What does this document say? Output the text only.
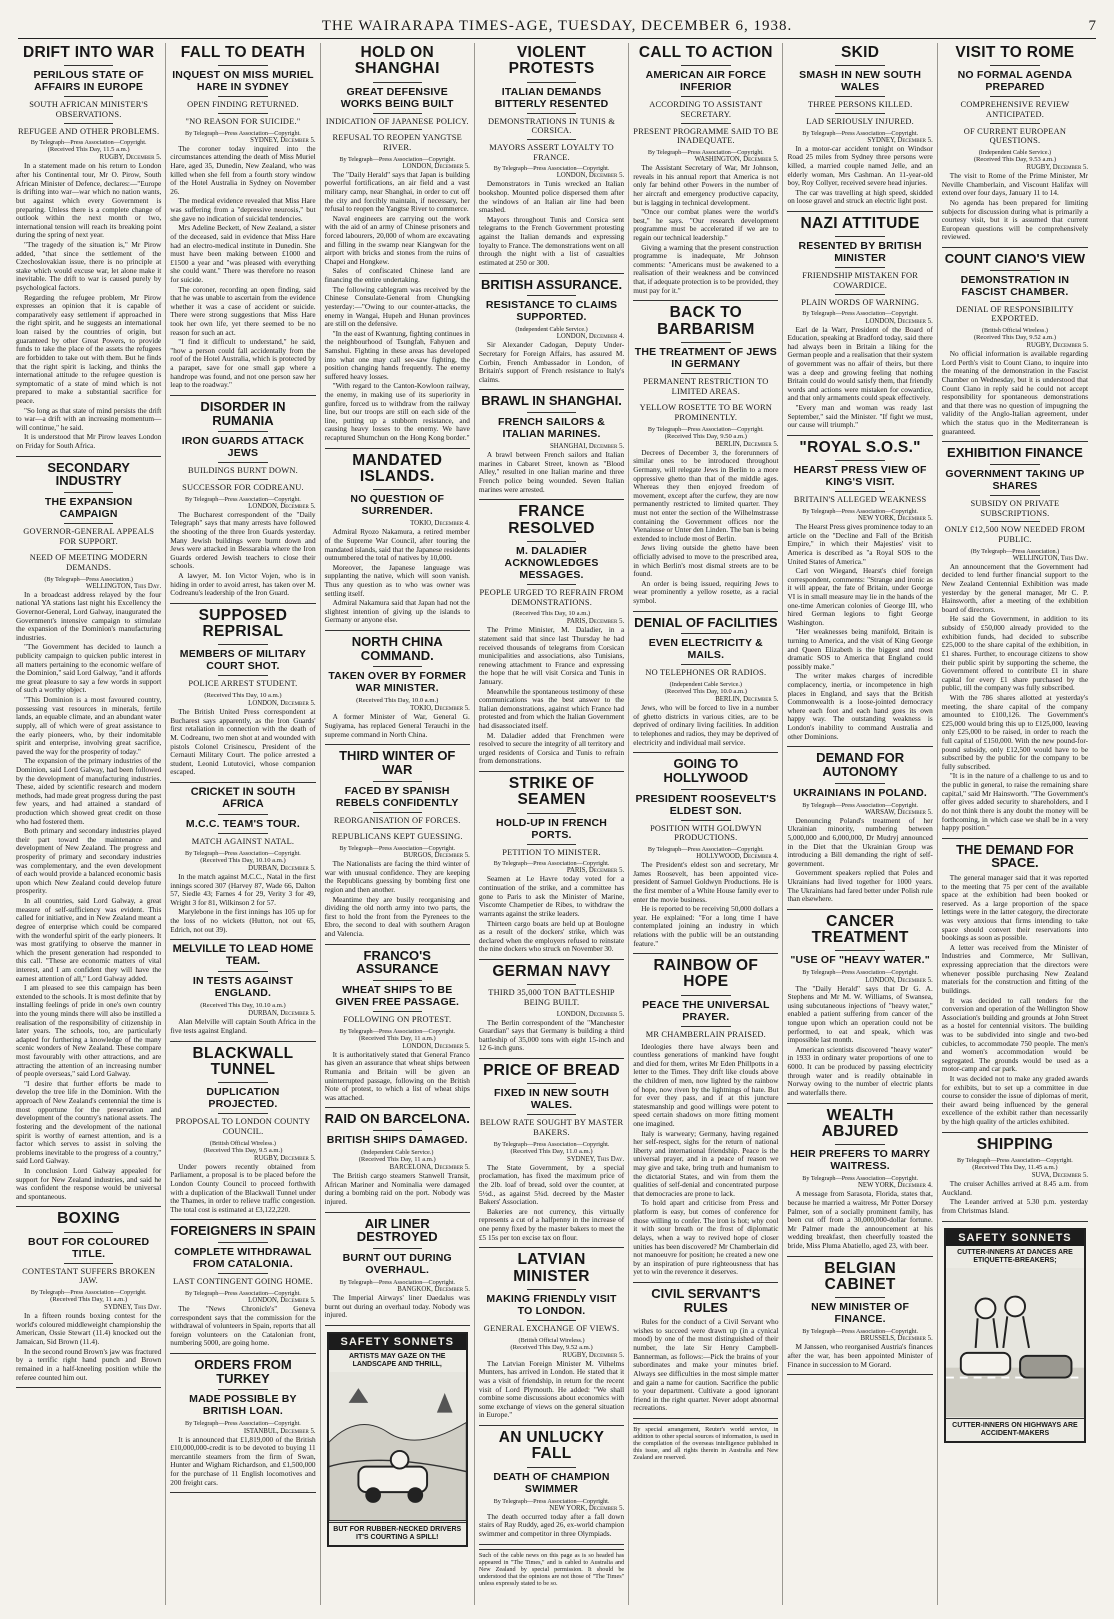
THE WAIRARAPA TIMES-AGE, TUESDAY, DECEMBER 6, 1938.	7
DRIFT INTO WAR
PERILOUS STATE OF AFFAIRS IN EUROPE
SOUTH AFRICAN MINISTER'S OBSERVATIONS.
REFUGEE AND OTHER PROBLEMS.
By Telegraph—Press Association—Copyright.
(Received This Day, 11.5 a.m.)
RUGBY, December 5.

In a statement made on his return to London after his Continental tour, Mr O. Pirow, South African Minister of Defence, declares:—"Europe is drifting into war—war which no nation wants, but against which every Government is preparing. Unless there is a complete change of outlook within the next month or two, international tension will reach its breaking point during the spring of next year.

"The tragedy of the situation is," Mr Pirow added, "that since the settlement of the Czechoslovakian issue, there is no principle at stake which would excuse war, let alone make it inevitable. The drift to war is caused purely by psychological factors.

Regarding the refugee problem, Mr Pirow expresses an opinion that it is capable of comparatively easy settlement if approached in the right spirit, and he suggests an international loan raised by the countries of origin, but guaranteed by other Great Powers, to provide funds to take the place of the assets the refugees are forbidden to take out with them. But he finds that the right spirit is lacking, and thinks the international attitude to the refugee question is symptomatic of a state of mind which is not prepared to make a substantial sacrifice for peace.

"So long as that state of mind persists the drift to war—a drift with an increasing momentum—will continue," he said.

It is understood that Mr Pirow leaves London on Friday for South Africa.

SECONDARY INDUSTRY
THE EXPANSION CAMPAIGN
GOVERNOR-GENERAL APPEALS FOR SUPPORT.
NEED OF MEETING MODERN DEMANDS.
(By Telegraph—Press Association.)
WELLINGTON, This Day.

In a broadcast address relayed by the four national YA stations last night his Excellency the Governor-General, Lord Galway, inaugurated the Government's intensive campaign to stimulate the expansion of the Dominion's manufacturing industries.

"The Government has decided to launch a publicity campaign to quicken public interest in all matters pertaining to the economic welfare of the Dominion," said Lord Galway, "and it affords me great pleasure to say a few words in support of such a worthy object.

"This Dominion is a most favoured country, possessing vast resources in minerals, fertile lands, an equable climate, and an abundant water supply, all of which were of great assistance to the early pioneers, who, by their indomitable spirit and enterprise, involving great sacrifice, paved the way for the prosperity of today."

The expansion of the primary industries of the Dominion, said Lord Galway, had been followed by the development of manufacturing industries. These, aided by scientific research and modern methods, had made great progress during the past few years, and had attained a standard of production which showed great credit on those who had fostered them.

Both primary and secondary industries played their part toward the maintenance and development of New Zealand. The progress and prosperity of primary and secondary industries was complementary, and the even development of each would provide a balanced economic basis upon which New Zealand could develop future prosperity.

In all countries, said Lord Galway, a great measure of self-sufficiency was evident. This called for initiative, and in New Zealand meant a degree of enterprise which could be compared with the wonderful spirit of the early pioneers. It was most gratifying to observe the manner in which the present generation had responded to this call. "These are economic matters of vital interest, and I am confident they will have the earnest attention of all," Lord Galway added.

I am pleased to see this campaign has been extended to the schools. It is most definite that by installing feelings of pride in one's own country into the young minds there will also be instilled a realisation of the responsibility of citizenship in later years. The schools, too, are particularly adapted for furthering a knowledge of the many scenic wonders of New Zealand. These compare most favourably with other attractions, and are attracting the attention of an increasing number of people overseas," said Lord Galway.

"I desire that further efforts be made to develop the tree life in the Dominion. With the approach of New Zealand's centennial the time is most opportune for the preservation and development of the country's national assets. The fostering and the development of the national spirit is worthy of earnest attention, and is a factor which serves to assist in solving the problems inevitable to the progress of a country," said Lord Galway.

In conclusion Lord Galway appealed for support for New Zealand industries, and said he was confident the response would be universal and spontaneous.

BOXING
BOUT FOR COLOURED TITLE.
CONTESTANT SUFFERS BROKEN JAW.
By Telegraph—Press Association—Copyright.
(Received This Day, 11 a.m.)
SYDNEY, This Day.

In a fifteen rounds boxing contest for the world's coloured middleweight championship the American, Ossie Stewart (11.4) knocked out the Jamaican, Sid Brown (11.4).

In the second round Brown's jaw was fractured by a terrific right hand punch and Brown remained in a half-kneeling position while the referee counted him out.

FALL TO DEATH
INQUEST ON MISS MURIEL HARE IN SYDNEY
OPEN FINDING RETURNED.
"NO REASON FOR SUICIDE."
By Telegraph—Press Association—Copyright.
SYDNEY, December 5.

The coroner today inquired into the circumstances attending the death of Miss Muriel Hare, aged 35, Dunedin, New Zealand, who was killed when she fell from a fourth story window of the Hotel Australia in Sydney on November 26.

The medical evidence revealed that Miss Hare was suffering from a "depressive neurosis," but she gave no indication of suicidal tendencies.

Mrs Adeline Beckett, of New Zealand, a sister of the deceased, said in evidence that Miss Hare had an electro-medical institute in Dunedin. She must have been making between £1000 and £1500 a year and "was pleased with everything she could want." There was therefore no reason for suicide.

The coroner, recording an open finding, said that he was unable to ascertain from the evidence whether it was a case of accident or suicide. There were strong suggestions that Miss Hare took her own life, yet there seemed to be no reason for such an act.

"I find it difficult to understand," he said, "how a person could fall accidentally from the roof of the Hotel Australia, which is protected by a parapet, save for one small gap where a handrope was found, and not one person saw her leap to the roadway."

DISORDER IN RUMANIA
IRON GUARDS ATTACK JEWS
BUILDINGS BURNT DOWN.
SUCCESSOR FOR CODREANU.
By Telegraph—Press Association—Copyright.
LONDON, December 5.

The Bucharest correspondent of the "Daily Telegraph" says that many arrests have followed the shooting of the three Iron Guards yesterday. Many Jewish buildings were burnt down and Jews were attacked in Bessarabia where the Iron Guards ordered Jewish teachers to close their schools.

A lawyer, M. Ion Victor Vojen, who is in hiding in order to avoid arrest, has taken over M. Codreanu's leadership of the Iron Guard.

SUPPOSED REPRISAL
MEMBERS OF MILITARY COURT SHOT.
POLICE ARREST STUDENT.
(Received This Day, 10 a.m.)
LONDON, December 5.

The British United Press correspondent at Bucharest says apparently, as the Iron Guards' first retaliation in connection with the death of M. Codreanu, two men shot at and wounded with pistols Colonel Crisinescu, President of the Cernauti Military Court. The police arrested a student, Leonid Lututovici, whose companion escaped.

CRICKET IN SOUTH AFRICA
M.C.C. TEAM'S TOUR.
MATCH AGAINST NATAL.
By Telegraph—Press Association—Copyright.
(Received This Day, 10.10 a.m.)
DURBAN, December 5.

In the match against M.C.C., Natal in the first innings scored 307 (Harvey 87, Wade 66, Dalton 57, Siedle 43; Farnes 4 for 29, Verity 3 for 49, Wright 3 for 81, Wilkinson 2 for 57.

Marylebone in the first innings has 105 up for the loss of no wickets (Hutton, not out 65, Edrich, not out 39).

MELVILLE TO LEAD HOME TEAM.
IN TESTS AGAINST ENGLAND.
(Received This Day, 10.10 a.m.)
DURBAN, December 5.

Alan Melville will captain South Africa in the five tests against England.

BLACKWALL TUNNEL
DUPLICATION PROJECTED.
PROPOSAL TO LONDON COUNTY COUNCIL.
(British Official Wireless.)
(Received This Day, 9.5 a.m.)
RUGBY, December 5.

Under powers recently obtained from Parliament, a proposal is to be placed before the London County Council to proceed forthwith with a duplication of the Blackwall Tunnel under the Thames, in order to relieve traffic congestion. The total cost is estimated at £3,122,220.

FOREIGNERS IN SPAIN
COMPLETE WITHDRAWAL FROM CATALONIA.
LAST CONTINGENT GOING HOME.
By Telegraph—Press Association—Copyright.
LONDON, December 5.

The "News Chronicle's" Geneva correspondent says that the commission for the withdrawal of volunteers in Spain, reports that all foreign volunteers on the Catalonian front, numbering 5000, are going home.

ORDERS FROM TURKEY
MADE POSSIBLE BY BRITISH LOAN.
By Telegraph—Press Association—Copyright.
ISTANBUL, December 5.

It is announced that £1,819,000 of the British £10,000,000-credit is to be devoted to buying 11 mercantile steamers from the firm of Swan, Hunter and Wigham Richardson, and £1,500,000 for the purchase of 11 English locomotives and 200 freight cars.

HOLD ON SHANGHAI
GREAT DEFENSIVE WORKS BEING BUILT
INDICATION OF JAPANESE POLICY.
REFUSAL TO REOPEN YANGTSE RIVER.
By Telegraph—Press Association—Copyright.
LONDON, December 5.

The "Daily Herald" says that Japan is building powerful fortifications, an air field and a vast military camp, near Shanghai, in order to cut off the city and forcibly maintain, if necessary, her refusal to reopen the Yangtse River to commerce.

Naval engineers are carrying out the work with the aid of an army of Chinese prisoners and forced labourers, 20,000 of whom are excavating and filling in the swamp near Kiangwan for the airport with bricks and stones from the ruins of Chapei and Hongkew.

Sales of confiscated Chinese land are financing the entire undertaking.

The following cablegram was received by the Chinese Consulate-General from Chungking yesterday:—"Owing to our counter-attacks, the enemy in Wangai, Hupeh and Hunan provinces are still on the defensive.

"In the east of Kwantung, fighting continues in the neighbourhood of Tsungfah, Fahyuen and Samshui. Fighting in these areas has developed into what one may call see-saw fighting, the position changing hands frequently. The enemy suffered heavy losses.

"With regard to the Canton-Kowloon railway, the enemy, in making use of its superiority in gunfire, forced us to withdraw from the railway line, but our troops are still on each side of the line, putting up a stubborn resistance, and causing heavy losses to the enemy. We have recaptured Shumchun on the Hong Kong border."

MANDATED ISLANDS.
NO QUESTION OF SURRENDER.
TOKIO, December 4.

Admiral Ryozo Nakamura, a retired member of the Supreme War Council, after touring the mandated islands, said that the Japanese residents outnumbered the total of natives by 10,000.

Moreover, the Japanese language was supplanting the native, which will soon vanish. Thus any question as to who was owner was settling itself.

Admiral Nakamura said that Japan had not the slightest intention of giving up the islands to Germany or anyone else.

NORTH CHINA COMMAND.
TAKEN OVER BY FORMER WAR MINISTER.
(Received This Day, 10.0 a.m.)
TOKIO, December 5.

A former Minister of War, General G. Sugiyama, has replaced General Terauchi in the supreme command in North China.

THIRD WINTER OF WAR
FACED BY SPANISH REBELS CONFIDENTLY
REORGANISATION OF FORCES.
REPUBLICANS KEPT GUESSING.
By Telegraph—Press Association—Copyright.
BURGOS, December 5.

The Nationalists are facing the third winter of war with unusual confidence. They are keeping the Republicans guessing by bombing first one region and then another.

Meantime they are busily reorganising and dividing the old north army into two parts, the first to hold the front from the Pyrenees to the Ebro, the second to deal with southern Aragon and Valencia.

FRANCO'S ASSURANCE
WHEAT SHIPS TO BE GIVEN FREE PASSAGE.
FOLLOWING ON PROTEST.
By Telegraph—Press Association—Copyright.
(Received This Day, 11 a.m.)
LONDON, December 5.

It is authoritatively stated that General Franco has given an assurance that wheat ships between Rumania and Britain will be given an uninterrupted passage, following on the British Note of protest, to which a list of wheat ships was attached.

RAID ON BARCELONA.
BRITISH SHIPS DAMAGED.
(Independent Cable Service.)
(Received This Day, 11 a.m.)
BARCELONA, December 5.

The British cargo steamers Stanwell Transit, African Mariner and Nominalia were damaged during a bombing raid on the port. Nobody was injured.

AIR LINER DESTROYED
BURNT OUT DURING OVERHAUL.
By Telegraph—Press Association—Copyright.
BANGKOK, December 5.

The Imperial Airways' liner Daedalus was burnt out during an overhaul today. Nobody was injured.

SAFETY SONNETS
ARTISTS MAY GAZE ON THE LANDSCAPE AND THRILL,
BUT FOR RUBBER-NECKED DRIVERS IT'S COURTING A SPILL!
VIOLENT PROTESTS
ITALIAN DEMANDS BITTERLY RESENTED
DEMONSTRATIONS IN TUNIS & CORSICA.
MAYORS ASSERT LOYALTY TO FRANCE.
By Telegraph—Press Association—Copyright.
LONDON, December 5.

Demonstrators in Tunis wrecked an Italian bookshop. Mounted police dispersed them after the windows of an Italian air line had been smashed.

Mayors throughout Tunis and Corsica sent telegrams to the French Government protesting against the Italian demands and expressing loyalty to France. The demonstrations went on all through the night with a list of casualties estimated at 250 or 300.

BRITISH ASSURANCE.
RESISTANCE TO CLAIMS SUPPORTED.
(Independent Cable Service.)
LONDON, December 4.

Sir Alexander Cadogan, Deputy Under-Secretary for Foreign Affairs, has assured M. Corbin, French Ambassador in London, of Britain's support of French resistance to Italy's claims.

BRAWL IN SHANGHAI.
FRENCH SAILORS & ITALIAN MARINES.
SHANGHAI, December 5.

A brawl between French sailors and Italian marines in Cabaret Street, known as "Blood Alley," resulted in one Italian marine and three French police being wounded. Seven Italian marines were arrested.

FRANCE RESOLVED
M. DALADIER ACKNOWLEDGES MESSAGES.
PEOPLE URGED TO REFRAIN FROM DEMONSTRATIONS.
(Received This Day, 10 a.m.)
PARIS, December 5.

The Prime Minister, M. Daladier, in a statement said that since last Thursday he had received thousands of telegrams from Corsican municipalities and associations, also Tunisians, renewing attachment to France and expressing the hope that he will visit Corsica and Tunis in January.

Meanwhile the spontaneous testimony of these communications was the best answer to the Italian demonstrations, against which France had protested and from which the Italian Government had disassociated itself.

M. Daladier added that Frenchmen were resolved to secure the integrity of all territory and urged residents of Corsica and Tunis to refrain from demonstrations.

STRIKE OF SEAMEN
HOLD-UP IN FRENCH PORTS.
PETITION TO MINISTER.
By Telegraph—Press Association—Copyright.
PARIS, December 5.

Seamen at Le Havre today voted for a continuation of the strike, and a committee has gone to Paris to ask the Minister of Marine, Viscomte Champetier de Ribes, to withdraw the warrants against the strike leaders.

Thirteen cargo boats are held up at Boulogne as a result of the dockers' strike, which was declared when the employers refused to reinstate the nine dockers who struck on November 30.

GERMAN NAVY
THIRD 35,000 TON BATTLESHIP BEING BUILT.
LONDON, December 5.

The Berlin correspondent of the "Manchester Guardian" says that Germany is building a third battleship of 35,000 tons with eight 15-inch and 12 6-inch guns.

PRICE OF BREAD
FIXED IN NEW SOUTH WALES.
BELOW RATE SOUGHT BY MASTER BAKERS.
By Telegraph—Press Association—Copyright.
(Received This Day, 11.0 a.m.)
SYDNEY, This Day.

The State Government, by a special proclamation, has fixed the maximum price of the 2lb. loaf of bread, sold over the counter, at 5½d., as against 5¾d. decreed by the Master Bakers' Association.

Bakeries are not currency, this virtually represents a cut of a halfpenny in the increase of one penny fixed by the master bakers to meet the £5 15s per ton excise tax on flour.

LATVIAN MINISTER
MAKING FRIENDLY VISIT TO LONDON.
GENERAL EXCHANGE OF VIEWS.
(British Official Wireless.)
(Received This Day, 9.52 a.m.)
RUGBY, December 5.

The Latvian Foreign Minister M. Vilhelms Munters, has arrived in London. He stated that it was a visit of friendship, in return for the recent visit of Lord Plymouth. He added: "We shall combine some discussions about economics with some exchange of views on the general situation in Europe."

AN UNLUCKY FALL
DEATH OF CHAMPION SWIMMER
By Telegraph—Press Association—Copyright.
NEW YORK, December 5.

The death occurred today after a fall down stairs of Ray Ruddy, aged 26, ex-world champion swimmer and competitor in three Olympiads.

Such of the cable news on this page as is so headed has appeared in "The Times," and is cabled to Australia and New Zealand by special permission. It should be understood that the opinions are not those of "The Times" unless expressly stated to be so.
CALL TO ACTION
AMERICAN AIR FORCE INFERIOR
ACCORDING TO ASSISTANT SECRETARY.
PRESENT PROGRAMME SAID TO BE INADEQUATE.
By Telegraph—Press Association—Copyright.
WASHINGTON, December 5.

The Assistant Secretary of War, Mr Johnson, reveals in his annual report that America is not only far behind other Powers in the number of her aircraft and emergency productive capacity, but is lagging in technical development.

"Once our combat planes were the world's best," he says. "Our research development programme must be accelerated if we are to regain our technical leadership."

Giving a warning that the present construction programme is inadequate, Mr Johnson comments: "Americans must be awakened to a realisation of their weakness and be convinced that, if adequate protection is to be provided, they must pay for it."

BACK TO BARBARISM
THE TREATMENT OF JEWS IN GERMANY
PERMANENT RESTRICTION TO LIMITED AREAS.
YELLOW ROSETTE TO BE WORN PROMINENTLY.
By Telegraph—Press Association—Copyright.
(Received This Day, 9.50 a.m.)
BERLIN, December 5.

Decrees of December 3, the forerunners of similar ones to be introduced throughout Germany, will relegate Jews in Berlin to a more oppressive ghetto than that of the middle ages. Whereas they then enjoyed freedom of movement, except after the curfew, they are now permanently restricted to limited quarter. They must not enter the section of the Wilhelmstrasse containing the Government offices nor the Vienaiusse or Unter den Linden. The ban is being extended to include most of Berlin.

Jews living outside the ghetto have been officially advised to move to the prescribed area, in which Berlin's most dismal streets are to be found.

An order is being issued, requiring Jews to wear prominently a yellow rosette, as a racial symbol.

DENIAL OF FACILITIES
EVEN ELECTRICITY & MAILS.
NO TELEPHONES OR RADIOS.
(Independent Cable Service.)
(Received This Day, 10.0 a.m.)
BERLIN, December 5.

Jews, who will be forced to live in a number of ghetto districts in various cities, are to be deprived of ordinary living facilities. In addition to telephones and radios, they may be deprived of electricity and individual mail service.

GOING TO HOLLYWOOD
PRESIDENT ROOSEVELT'S ELDEST SON.
POSITION WITH GOLDWYN PRODUCTIONS.
By Telegraph—Press Association—Copyright.
HOLLYWOOD, December 4.

The President's eldest son and secretary, Mr James Roosevelt, has been appointed vice-president of Samuel Goldwyn Productions. He is the first member of a White House family ever to enter the movie business.

He is reported to be receiving 50,000 dollars a year. He explained: "For a long time I have contemplated joining an industry in which relations with the public will be an outstanding feature."

RAINBOW OF HOPE
PEACE THE UNIVERSAL PRAYER.
MR CHAMBERLAIN PRAISED.

Ideologies there have always been and countless generations of mankind have fought and died for them, writes Mr Eden Phillpotts in a letter to the Times. They drift like clouds above the children of men, now lighted by the rainbow of hope, now riven by the lightnings of hate. But for ever they pass, and if at this juncture statesmanship and good willings were potent to speed certain shadows on more fitting moment one imagined.

Italy is warweary; Germany, having regained her self-respect, sighs for the return of national liberty and international friendship. Peace is the universal prayer, and in a peace of reason we may give and take, bring truth and humanism to the dictatorial States, and win from them the qualities of self-denial and concentrated purpose that democracies are prone to lack.

To hold apart and criticise from Press and platform is easy, but comes of conference for those willing to confer. The iron is hot; why cool it with sour breath or the frost of diplomatic delays, when a way to revived hope of closer unities has been discovered? Mr Chamberlain did not manoeuvre for position; he created a new one by an inspiration of pure righteousness that has yet to win the reverence it deserves.

CIVIL SERVANT'S RULES

Rules for the conduct of a Civil Servant who wishes to succeed were drawn up (in a cynical mood) by one of the most distinguished of their number, the late Sir Henry Campbell-Bannerman, as follows:—Pick the brains of your subordinates and make your minutes brief. Always see difficulties in the most simple matter and gain a name for caution. Sacrifice the public to your department. Cultivate a good ignorant friend in the right quarter. Never adopt abnormal recreations.

By special arrangement, Reuter's world service, in addition to other special sources of information, is used in the compilation of the overseas intelligence published in this issue, and all rights therein in Australia and New Zealand are reserved.
SKID
SMASH IN NEW SOUTH WALES
THREE PERSONS KILLED.
LAD SERIOUSLY INJURED.
By Telegraph—Press Association—Copyright.
SYDNEY, December 5.

In a motor-car accident tonight on Windsor Road 25 miles from Sydney three persons were killed, a married couple named Jelle, and an elderly woman, Mrs Cashman. An 11-year-old boy, Roy Collyer, received severe head injuries.

The car was travelling at high speed, skidded on loose gravel and struck an electric light post.

NAZI ATTITUDE
RESENTED BY BRITISH MINISTER
FRIENDSHIP MISTAKEN FOR COWARDICE.
PLAIN WORDS OF WARNING.
By Telegraph—Press Association—Copyright.
LONDON, December 5.

Earl de la Warr, President of the Board of Education, speaking at Bradford today, said there had always been in Britain a liking for the German people and a realisation that their system of government was no affair of theirs, but there was a deep and growing feeling that nothing Britain could do would satisfy them, that friendly words and actions were mistaken for cowardice, and that only armaments could speak effectively.

"Every man and woman was ready last September," said the Minister. "If fight we must, our cause will triumph."

"ROYAL S.O.S."
HEARST PRESS VIEW OF KING'S VISIT.
BRITAIN'S ALLEGED WEAKNESS
By Telegraph—Press Association—Copyright.
NEW YORK, December 5.

The Hearst Press gives prominence today to an article on the "Decline and Fall of the British Empire," in which their Majesties' visit to America is described as "a Royal SOS to the United States of America."

Carl von Wiegand, Hearst's chief foreign correspondent, comments: "Strange and ironic as it will appear, the fate of Britain, under George VI is in small measure may lie in the hands of the one-time American colonies of George III, who hired German legions to fight George Washington.

"Her weaknesses being manifold, Britain is turning to America, and the visit of King George and Queen Elizabeth is the biggest and most dramatic SOS to America that England could possibly make."

The writer makes charges of incredible complacency, inertia, or incompetence in high places in England, and says that the British Commonwealth is a loose-jointed democracy where each foot and each hand goes its own happy way. The outstanding weakness is London's inability to command Australia and other Dominions.

DEMAND FOR AUTONOMY
UKRAINIANS IN POLAND.
By Telegraph—Press Association—Copyright.
WARSAW, December 5.

Denouncing Poland's treatment of her Ukrainian minority, numbering between 5,000,000 and 6,000,000, Dr Mudryj announced in the Diet that the Ukrainian Group was introducing a Bill demanding the right of self-government.

Government speakers replied that Poles and Ukrainians had lived together for 1000 years. The Ukrainians had fared better under Polish rule than elsewhere.

CANCER TREATMENT
"USE OF "HEAVY WATER."
By Telegraph—Press Association—Copyright.
LONDON, December 5.

The "Daily Herald" says that Dr G. A. Stephens and Mr M. W. Williams, of Swansea, using subcutaneous injections of "heavy water," enabled a patient suffering from cancer of the tongue upon which an operation could not be performed, to eat and speak, which was impossible last month.

American scientists discovered "heavy water" in 1933 in ordinary water proportions of one to 6000. It can be produced by passing electricity through water and is readily obtainable in Norway owing to the number of electric plants and waterfalls there.

WEALTH ABJURED
HEIR PREFERS TO MARRY WAITRESS.
By Telegraph—Press Association—Copyright.
NEW YORK, December 4.

A message from Sarasota, Florida, states that, because he married a waitress, Mr Potter Dorsey Palmer, son of a socially prominent family, has been cut off from a 30,000,000-dollar fortune. Mr Palmer made the announcement at his wedding breakfast, then cheerfully toasted the bride, Miss Pluma Abatiello, aged 23, with beer.

BELGIAN CABINET
NEW MINISTER OF FINANCE.
By Telegraph—Press Association—Copyright.
BRUSSELS, December 5.

M Janssen, who reorganised Austria's finances after the war, has been appointed Minister of Finance in succession to M Gorard.

VISIT TO ROME
NO FORMAL AGENDA PREPARED
COMPREHENSIVE REVIEW ANTICIPATED.
OF CURRENT EUROPEAN QUESTIONS.
(Independent Cable Service.)
(Received This Day, 9.53 a.m.)
RUGBY, December 5.

The visit to Rome of the Prime Minister, Mr Neville Chamberlain, and Viscount Halifax will extend over four days, January 11 to 14.

No agenda has been prepared for limiting subjects for discussion during what is primarily a courtesy visit, but it is assumed that current European questions will be comprehensively reviewed.

COUNT CIANO'S VIEW
DEMONSTRATION IN FASCIST CHAMBER.
DENIAL OF RESPONSIBILITY EXPORTED.
(British Official Wireless.)
(Received This Day, 9.52 a.m.)
RUGBY, December 5.

No official information is available regarding Lord Perth's visit to Count Ciano, to inquire into the meaning of the demonstration in the Fascist Chamber on Wednesday, but it is understood that Count Ciano in reply said he could not accept responsibility for spontaneous demonstrations and that there was no question of impugning the validity of the Anglo-Italian agreement, under which the status quo in the Mediterranean is guaranteed.

EXHIBITION FINANCE
GOVERNMENT TAKING UP SHARES
SUBSIDY ON PRIVATE SUBSCRIPTIONS.
ONLY £12,500 NOW NEEDED FROM PUBLIC.
(By Telegraph—Press Association.)
WELLINGTON, This Day.

An announcement that the Government had decided to lend further financial support to the New Zealand Centennial Exhibition was made yesterday by the general manager, Mr C. P. Hainsworth, after a meeting of the exhibition board of directors.

He said the Government, in addition to its subsidy of £50,000 already provided to the exhibition funds, had decided to subscribe £25,000 to the share capital of the exhibition, in £1 shares. Further, to encourage citizens to show their public spirit by supporting the scheme, the Government offered to contribute £1 in share capital for every £1 share purchased by the public, till the company was fully subscribed.

With the 786 shares allotted at yesterday's meeting, the share capital of the company amounted to £100,126. The Government's £25,000 would bring this up to £125,000, leaving only £25,000 to be raised, in order to reach the full capital of £150,000. With the new pound-for-pound subsidy, only £12,500 would have to be subscribed by the public for the company to be fully subscribed.

"It is in the nature of a challenge to us and to the public in general, to raise the remaining share capital," said Mr Hainsworth. "The Government's offer gives added security to shareholders, and I do not think there is any doubt the money will be forthcoming, in which case we shall be in a very happy position."

THE DEMAND FOR SPACE.

The general manager said that it was reported to the meeting that 75 per cent of the available space at the exhibition had been booked or reserved. As a large proportion of the space lettings were in the latter category, the directorate was very anxious that firms intending to take space should convert their reservations into bookings as soon as possible.

A letter was received from the Minister of Industries and Commerce, Mr Sullivan, expressing appreciation that the directors were whenever possible purchasing New Zealand materials for the construction and fitting of the buildings.

It was decided to call tenders for the conversion and operation of the Wellington Show Association's building and grounds at John Street as a hostel for centennial visitors. The building was to be subdivided into single and two-bed cubicles, to accommodate 750 people. The men's and women's accommodation would be segregated. The grounds would be used as a motor-camp and car park.

It was decided not to make any graded awards for exhibits, but to set up a committee in due course to consider the issue of diplomas of merit, their award being influenced by the general excellence of the exhibit rather than necessarily by the high quality of the articles exhibited.

SHIPPING
By Telegraph—Press Association—Copyright.
(Received This Day, 11.45 a.m.)
SUVA, December 5.

The cruiser Achilles arrived at 8.45 a.m. from Auckland.

The Leander arrived at 5.30 p.m. yesterday from Christmas Island.

SAFETY SONNETS
CUTTER-INNERS AT DANCES ARE ETIQUETTE-BREAKERS;
CUTTER-INNERS ON HIGHWAYS ARE ACCIDENT-MAKERS
